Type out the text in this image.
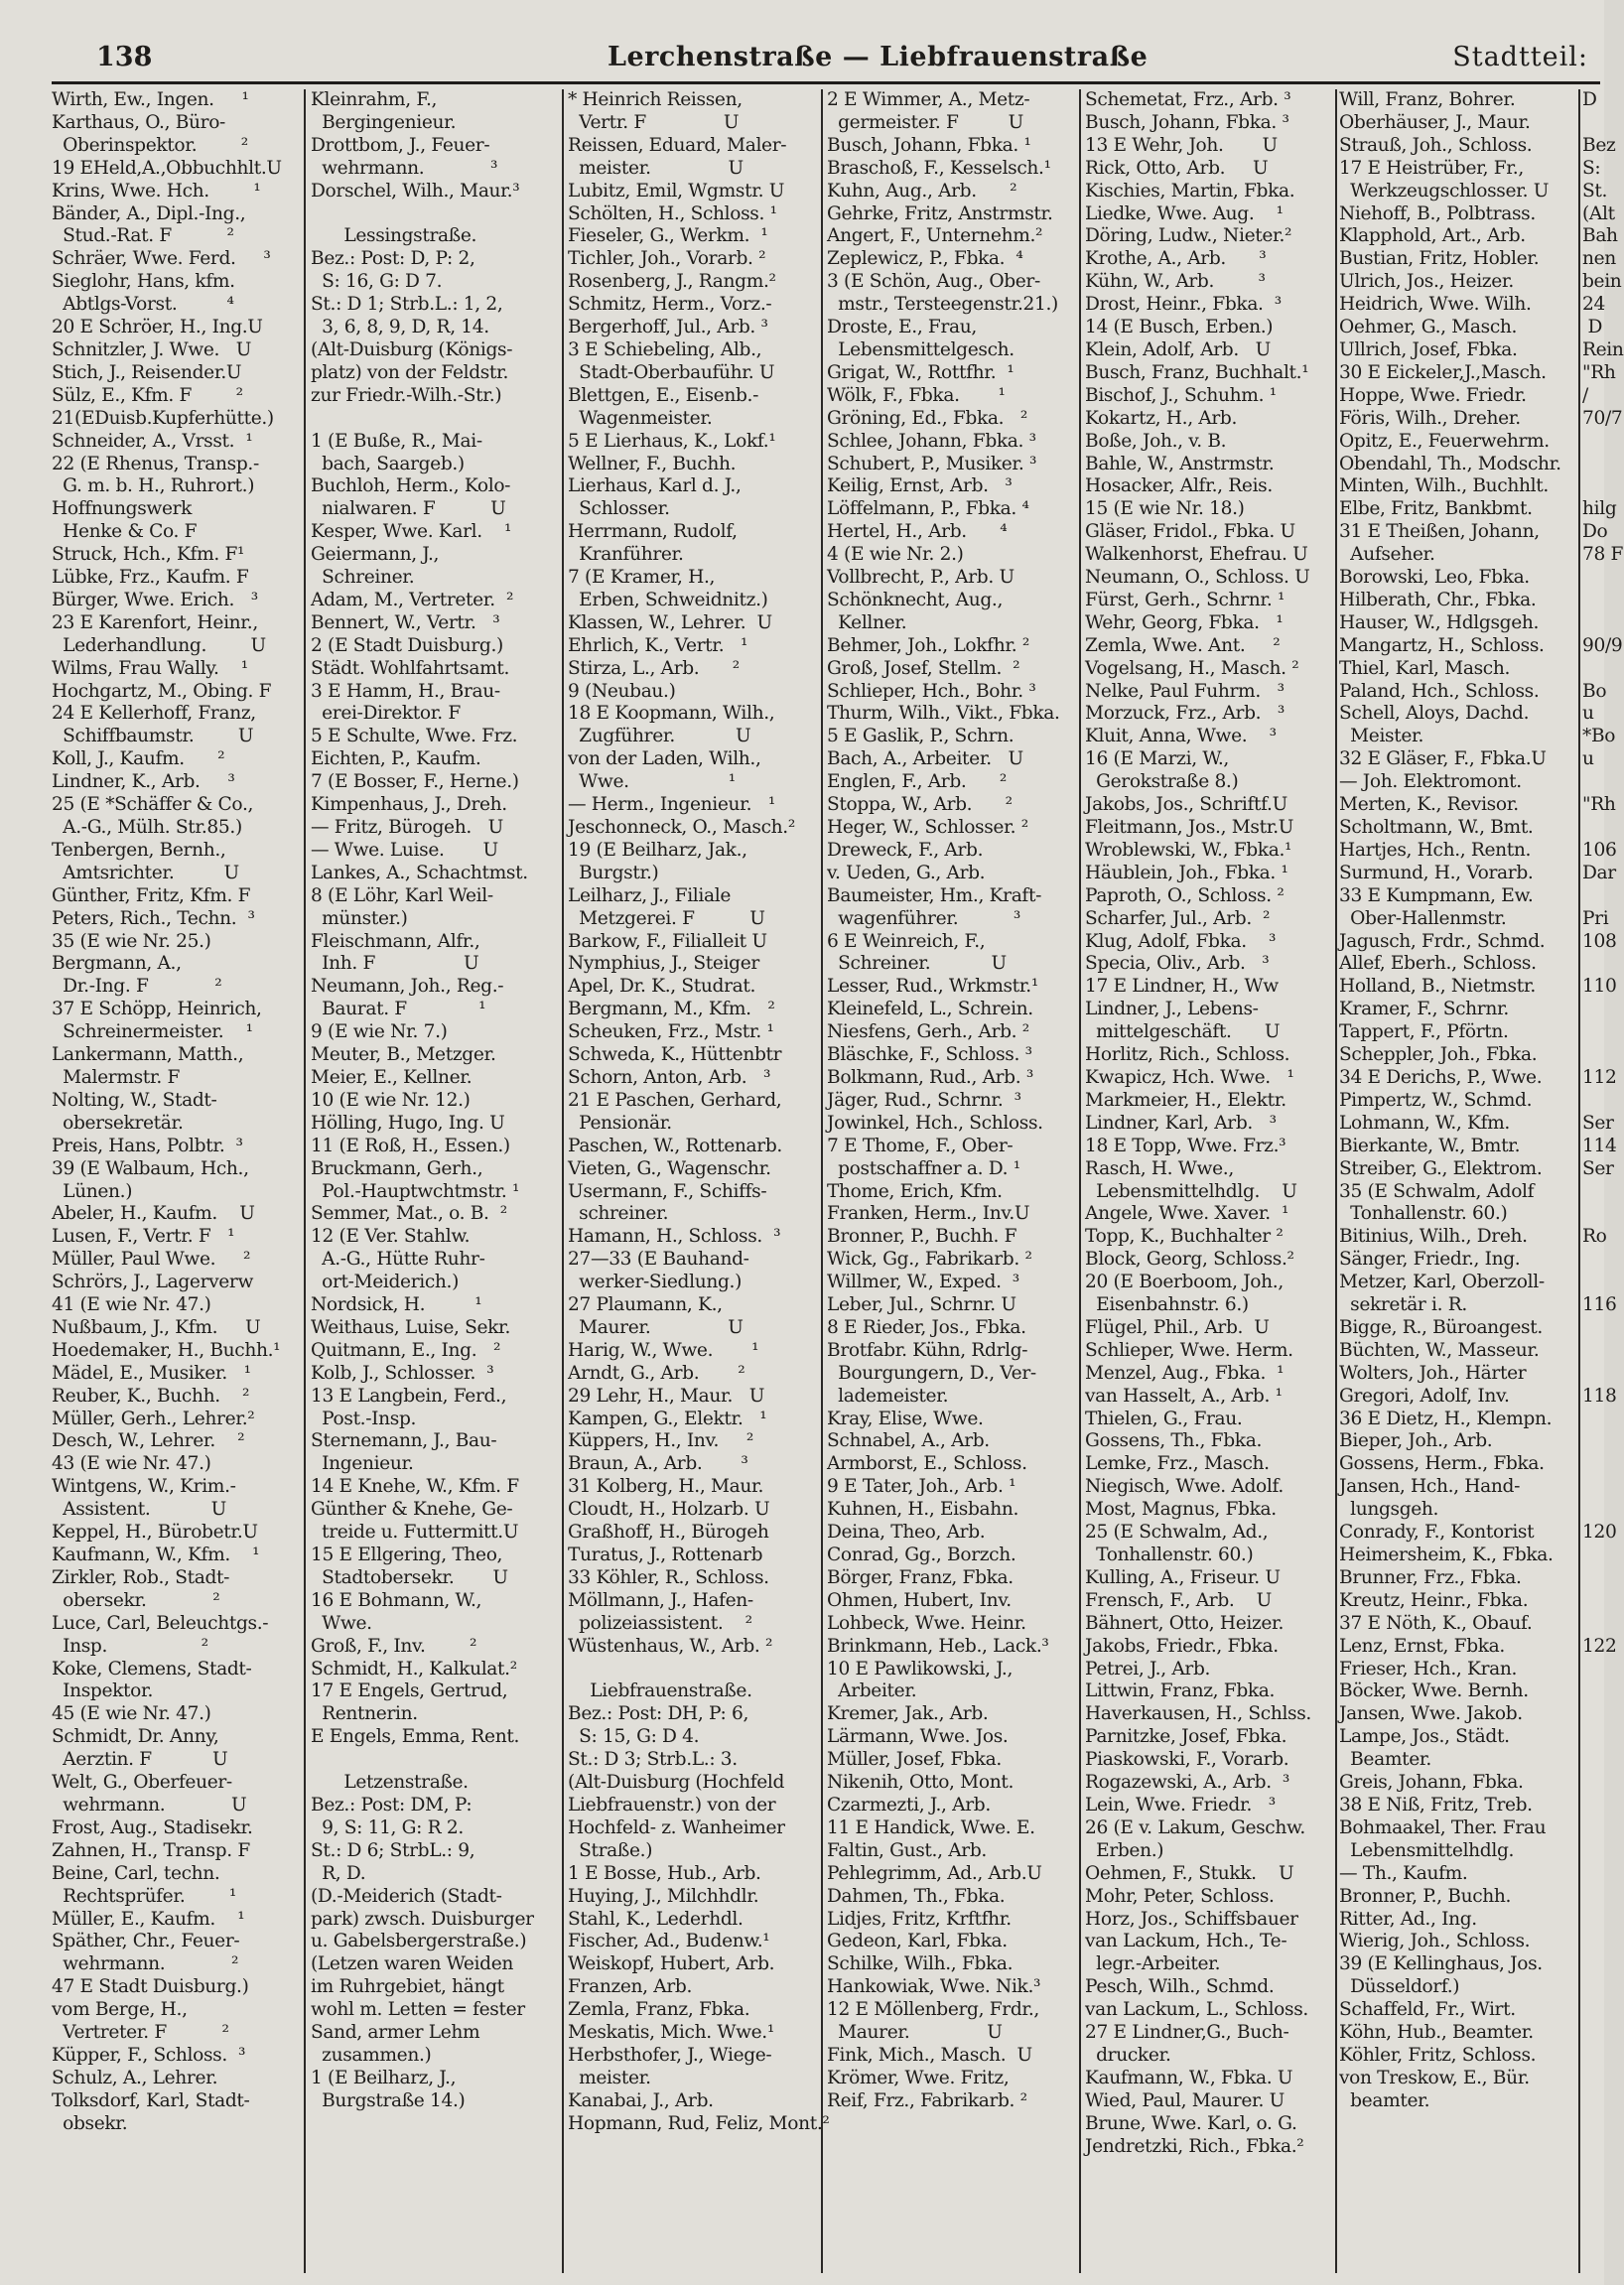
138	Lerchenstraße — Liebfrauenstraße	Stadtteil:
Wirth, Ew., Ingen.     ¹
Karthaus, O., Büro-
Oberinspektor.        ²
19 EHeld,A.,Obbuchhlt.U
Krins, Wwe. Hch.        ¹
Bänder, A., Dipl.-Ing.,
Stud.-Rat. F          ²
Schräer, Wwe. Ferd.     ³
Sieglohr, Hans, kfm.
Abtlgs-Vorst.         ⁴
20 E Schröer, H., Ing.U
Schnitzler, J. Wwe.   U
Stich, J., Reisender.U
Sülz, E., Kfm. F        ²
21(EDuisb.Kupferhütte.)
Schneider, A., Vrsst.  ¹
22 (E Rhenus, Transp.-
G. m. b. H., Ruhrort.)
Hoffnungswerk
Henke & Co. F
Struck, Hch., Kfm. F¹
Lübke, Frz., Kaufm. F
Bürger, Wwe. Erich.   ³
23 E Karenfort, Heinr.,
Lederhandlung.        U
Wilms, Frau Wally.    ¹
Hochgartz, M., Obing. F
24 E Kellerhoff, Franz,
Schiffbaumstr.        U
Koll, J., Kaufm.      ²
Lindner, K., Arb.     ³
25 (E *Schäffer & Co.,
A.-G., Mülh. Str.85.)
Tenbergen, Bernh.,
Amtsrichter.         U
Günther, Fritz, Kfm. F
Peters, Rich., Techn.  ³
35 (E wie Nr. 25.)
Bergmann, A.,
Dr.-Ing. F            ²
37 E Schöpp, Heinrich,
Schreinermeister.    ¹
Lankermann, Matth.,
Malermstr. F
Nolting, W., Stadt-
obersekretär.
Preis, Hans, Polbtr.  ³
39 (E Walbaum, Hch.,
Lünen.)
Abeler, H., Kaufm.    U
Lusen, F., Vertr. F   ¹
Müller, Paul Wwe.     ²
Schrörs, J., Lagerverw
41 (E wie Nr. 47.)
Nußbaum, J., Kfm.     U
Hoedemaker, H., Buchh.¹
Mädel, E., Musiker.   ¹
Reuber, K., Buchh.    ²
Müller, Gerh., Lehrer.²
Desch, W., Lehrer.    ²
43 (E wie Nr. 47.)
Wintgens, W., Krim.-
Assistent.           U
Keppel, H., Bürobetr.U
Kaufmann, W., Kfm.    ¹
Zirkler, Rob., Stadt-
obersekr.            ²
Luce, Carl, Beleuchtgs.-
Insp.                 ²
Koke, Clemens, Stadt-
Inspektor.
45 (E wie Nr. 47.)
Schmidt, Dr. Anny,
Aerztin. F           U
Welt, G., Oberfeuer-
wehrmann.            U
Frost, Aug., Stadisekr.
Zahnen, H., Transp. F
Beine, Carl, techn.
Rechtsprüfer.        ¹
Müller, E., Kaufm.    ¹
Späther, Chr., Feuer-
wehrmann.            ²
47 E Stadt Duisburg.)
vom Berge, H.,
Vertreter. F          ²
Küpper, F., Schloss.  ³
Schulz, A., Lehrer.
Tolksdorf, Karl, Stadt-
obsekr.
Kleinrahm, F.,
Bergingenieur.
Drottbom, J., Feuer-
wehrmann.            ³
Dorschel, Wilh., Maur.³

Lessingstraße.
Bez.: Post: D, P: 2,
S: 16, G: D 7.
St.: D 1; Strb.L.: 1, 2,
3, 6, 8, 9, D, R, 14.
(Alt-Duisburg (Königs-
platz) von der Feldstr.
zur Friedr.-Wilh.-Str.)

1 (E Buße, R., Mai-
bach, Saargeb.)
Buchloh, Herm., Kolo-
nialwaren. F          U
Kesper, Wwe. Karl.    ¹
Geiermann, J.,
Schreiner.
Adam, M., Vertreter.  ²
Bennert, W., Vertr.   ³
2 (E Stadt Duisburg.)
Städt. Wohlfahrtsamt.
3 E Hamm, H., Brau-
erei-Direktor. F
5 E Schulte, Wwe. Frz.
Eichten, P., Kaufm.
7 (E Bosser, F., Herne.)
Kimpenhaus, J., Dreh.
— Fritz, Bürogeh.   U
— Wwe. Luise.       U
Lankes, A., Schachtmst.
8 (E Löhr, Karl Weil-
münster.)
Fleischmann, Alfr.,
Inh. F                U
Neumann, Joh., Reg.-
Baurat. F             ¹
9 (E wie Nr. 7.)
Meuter, B., Metzger.
Meier, E., Kellner.
10 (E wie Nr. 12.)
Hölling, Hugo, Ing. U
11 (E Roß, H., Essen.)
Bruckmann, Gerh.,
Pol.-Hauptwchtmstr. ¹
Semmer, Mat., o. B.  ²
12 (E Ver. Stahlw.
A.-G., Hütte Ruhr-
ort-Meiderich.)
Nordsick, H.         ¹
Weithaus, Luise, Sekr.
Quitmann, E., Ing.   ²
Kolb, J., Schlosser.  ³
13 E Langbein, Ferd.,
Post.-Insp.
Sternemann, J., Bau-
Ingenieur.
14 E Knehe, W., Kfm. F
Günther & Knehe, Ge-
treide u. Futtermitt.U
15 E Ellgering, Theo,
Stadtobersekr.       U
16 E Bohmann, W.,
Wwe.
Groß, F., Inv.        ²
Schmidt, H., Kalkulat.²
17 E Engels, Gertrud,
Rentnerin.
E Engels, Emma, Rent.

Letzenstraße.
Bez.: Post: DM, P:
9, S: 11, G: R 2.
St.: D 6; StrbL.: 9,
R, D.
(D.-Meiderich (Stadt-
park) zwsch. Duisburger
u. Gabelsbergerstraße.)
(Letzen waren Weiden
im Ruhrgebiet, hängt
wohl m. Letten = fester
Sand, armer Lehm
zusammen.)
1 (E Beilharz, J.,
Burgstraße 14.)
* Heinrich Reissen,
Vertr. F              U
Reissen, Eduard, Maler-
meister.              U
Lubitz, Emil, Wgmstr. U
Schölten, H., Schloss. ¹
Fieseler, G., Werkm.  ¹
Tichler, Joh., Vorarb. ²
Rosenberg, J., Rangm.²
Schmitz, Herm., Vorz.-
Bergerhoff, Jul., Arb. ³
3 E Schiebeling, Alb.,
Stadt-Oberbauführ. U
Blettgen, E., Eisenb.-
Wagenmeister.
5 E Lierhaus, K., Lokf.¹
Wellner, F., Buchh.
Lierhaus, Karl d. J.,
Schlosser.
Herrmann, Rudolf,
Kranführer.
7 (E Kramer, H.,
Erben, Schweidnitz.)
Klassen, W., Lehrer.  U
Ehrlich, K., Vertr.   ¹
Stirza, L., Arb.      ²
9 (Neubau.)
18 E Koopmann, Wilh.,
Zugführer.           U
von der Laden, Wilh.,
Wwe.                  ¹
— Herm., Ingenieur.   ¹
Jeschonneck, O., Masch.²
19 (E Beilharz, Jak.,
Burgstr.)
Leilharz, J., Filiale
Metzgerei. F          U
Barkow, F., Filialleit U
Nymphius, J., Steiger
Apel, Dr. K., Studrat.
Bergmann, M., Kfm.   ²
Scheuken, Frz., Mstr. ¹
Schweda, K., Hüttenbtr
Schorn, Anton, Arb.   ³
21 E Paschen, Gerhard,
Pensionär.
Paschen, W., Rottenarb.
Vieten, G., Wagenschr.
Usermann, F., Schiffs-
schreiner.
Hamann, H., Schloss.  ³
27—33 (E Bauhand-
werker-Siedlung.)
27 Plaumann, K.,
Maurer.              U
Harig, W., Wwe.       ¹
Arndt, G., Arb.       ²
29 Lehr, H., Maur.   U
Kampen, G., Elektr.   ¹
Küppers, H., Inv.     ²
Braun, A., Arb.       ³
31 Kolberg, H., Maur.
Cloudt, H., Holzarb. U
Graßhoff, H., Bürogeh
Turatus, J., Rottenarb
33 Köhler, R., Schloss.
Möllmann, J., Hafen-
polizeiassistent.    ²
Wüstenhaus, W., Arb. ²

Liebfrauenstraße.
Bez.: Post: DH, P: 6,
S: 15, G: D 4.
St.: D 3; Strb.L.: 3.
(Alt-Duisburg (Hochfeld
Liebfrauenstr.) von der
Hochfeld- z. Wanheimer
Straße.)
1 E Bosse, Hub., Arb.
Huying, J., Milchhdlr.
Stahl, K., Lederhdl.
Fischer, Ad., Budenw.¹
Weiskopf, Hubert, Arb.
Franzen, Arb.
Zemla, Franz, Fbka.
Meskatis, Mich. Wwe.¹
Herbsthofer, J., Wiege-
meister.
Kanabai, J., Arb.
Hopmann, Rud, Feliz, Mont.²
2 E Wimmer, A., Metz-
germeister. F         U
Busch, Johann, Fbka. ¹
Braschoß, F., Kesselsch.¹
Kuhn, Aug., Arb.      ²
Gehrke, Fritz, Anstrmstr.
Angert, F., Unternehm.²
Zeplewicz, P., Fbka.  ⁴
3 (E Schön, Aug., Ober-
mstr., Tersteegenstr.21.)
Droste, E., Frau,
Lebensmittelgesch.
Grigat, W., Rottfhr.  ¹
Wölk, F., Fbka.       ¹
Gröning, Ed., Fbka.   ²
Schlee, Johann, Fbka. ³
Schubert, P., Musiker. ³
Keilig, Ernst, Arb.   ³
Löffelmann, P., Fbka. ⁴
Hertel, H., Arb.      ⁴
4 (E wie Nr. 2.)
Vollbrecht, P., Arb. U
Schönknecht, Aug.,
Kellner.
Behmer, Joh., Lokfhr. ²
Groß, Josef, Stellm.  ²
Schlieper, Hch., Bohr. ³
Thurm, Wilh., Vikt., Fbka.
5 E Gaslik, P., Schrn.
Bach, A., Arbeiter.   U
Englen, F., Arb.      ²
Stoppa, W., Arb.      ²
Heger, W., Schlosser. ²
Dreweck, F., Arb.
v. Ueden, G., Arb.
Baumeister, Hm., Kraft-
wagenführer.          ³
6 E Weinreich, F.,
Schreiner.           U
Lesser, Rud., Wrkmstr.¹
Kleinefeld, L., Schrein.
Niesfens, Gerh., Arb. ²
Bläschke, F., Schloss. ³
Bolkmann, Rud., Arb. ³
Jäger, Rud., Schrnr.  ³
Jowinkel, Hch., Schloss.
7 E Thome, F., Ober-
postschaffner a. D. ¹
Thome, Erich, Kfm.
Franken, Herm., Inv.U
Bronner, P., Buchh. F
Wick, Gg., Fabrikarb. ²
Willmer, W., Exped.  ³
Leber, Jul., Schrnr. U
8 E Rieder, Jos., Fbka.
Brotfabr. Kühn, Rdrlg-
Bourgungern, D., Ver-
lademeister.
Kray, Elise, Wwe.
Schnabel, A., Arb.
Armborst, E., Schloss.
9 E Tater, Joh., Arb. ¹
Kuhnen, H., Eisbahn.
Deina, Theo, Arb.
Conrad, Gg., Borzch.
Börger, Franz, Fbka.
Ohmen, Hubert, Inv.
Lohbeck, Wwe. Heinr.
Brinkmann, Heb., Lack.³
10 E Pawlikowski, J.,
Arbeiter.
Kremer, Jak., Arb.
Lärmann, Wwe. Jos.
Müller, Josef, Fbka.
Nikenih, Otto, Mont.
Czarmezti, J., Arb.
11 E Handick, Wwe. E.
Faltin, Gust., Arb.
Pehlegrimm, Ad., Arb.U
Dahmen, Th., Fbka.
Lidjes, Fritz, Krftfhr.
Gedeon, Karl, Fbka.
Schilke, Wilh., Fbka.
Hankowiak, Wwe. Nik.³
12 E Möllenberg, Frdr.,
Maurer.              U
Fink, Mich., Masch.  U
Krömer, Wwe. Fritz,
Reif, Frz., Fabrikarb. ²
Schemetat, Frz., Arb. ³
Busch, Johann, Fbka. ³
13 E Wehr, Joh.       U
Rick, Otto, Arb.     U
Kischies, Martin, Fbka.
Liedke, Wwe. Aug.    ¹
Döring, Ludw., Nieter.²
Krothe, A., Arb.      ³
Kühn, W., Arb.        ³
Drost, Heinr., Fbka.  ³
14 (E Busch, Erben.)
Klein, Adolf, Arb.   U
Busch, Franz, Buchhalt.¹
Bischof, J., Schuhm. ¹
Kokartz, H., Arb.
Boße, Joh., v. B.
Bahle, W., Anstrmstr.
Hosacker, Alfr., Reis.
15 (E wie Nr. 18.)
Gläser, Fridol., Fbka. U
Walkenhorst, Ehefrau. U
Neumann, O., Schloss. U
Fürst, Gerh., Schrnr. ¹
Wehr, Georg, Fbka.   ¹
Zemla, Wwe. Ant.     ²
Vogelsang, H., Masch. ²
Nelke, Paul Fuhrm.   ³
Morzuck, Frz., Arb.   ³
Kluit, Anna, Wwe.    ³
16 (E Marzi, W.,
Gerokstraße 8.)
Jakobs, Jos., Schriftf.U
Fleitmann, Jos., Mstr.U
Wroblewski, W., Fbka.¹
Häublein, Joh., Fbka. ¹
Paproth, O., Schloss. ²
Scharfer, Jul., Arb.  ²
Klug, Adolf, Fbka.    ³
Specia, Oliv., Arb.   ³
17 E Lindner, H., Ww
Lindner, J., Lebens-
mittelgeschäft.      U
Horlitz, Rich., Schloss.
Kwapicz, Hch. Wwe.   ¹
Markmeier, H., Elektr.
Lindner, Karl, Arb.   ³
18 E Topp, Wwe. Frz.³
Rasch, H. Wwe.,
Lebensmittelhdlg.    U
Angele, Wwe. Xaver.  ¹
Topp, K., Buchhalter ²
Block, Georg, Schloss.²
20 (E Boerboom, Joh.,
Eisenbahnstr. 6.)
Flügel, Phil., Arb.  U
Schlieper, Wwe. Herm.
Menzel, Aug., Fbka.  ¹
van Hasselt, A., Arb. ¹
Thielen, G., Frau.
Gossens, Th., Fbka.
Lemke, Frz., Masch.
Niegisch, Wwe. Adolf.
Most, Magnus, Fbka.
25 (E Schwalm, Ad.,
Tonhallenstr. 60.)
Kulling, A., Friseur. U
Frensch, F., Arb.    U
Bähnert, Otto, Heizer.
Jakobs, Friedr., Fbka.
Petrei, J., Arb.
Littwin, Franz, Fbka.
Haverkausen, H., Schlss.
Parnitzke, Josef, Fbka.
Piaskowski, F., Vorarb.
Rogazewski, A., Arb.  ³
Lein, Wwe. Friedr.   ³
26 (E v. Lakum, Geschw.
Erben.)
Oehmen, F., Stukk.    U
Mohr, Peter, Schloss.
Horz, Jos., Schiffsbauer
van Lackum, Hch., Te-
legr.-Arbeiter.
Pesch, Wilh., Schmd.
van Lackum, L., Schloss.
27 E Lindner,G., Buch-
drucker.
Kaufmann, W., Fbka. U
Wied, Paul, Maurer. U
Brune, Wwe. Karl, o. G.
Jendretzki, Rich., Fbka.²
Will, Franz, Bohrer.
Oberhäuser, J., Maur.
Strauß, Joh., Schloss.
17 E Heistrüber, Fr.,
Werkzeugschlosser. U
Niehoff, B., Polbtrass.
Klapphold, Art., Arb.
Bustian, Fritz, Hobler.
Ulrich, Jos., Heizer.
Heidrich, Wwe. Wilh.
Oehmer, G., Masch.
Ullrich, Josef, Fbka.
30 E Eickeler,J.,Masch.
Hoppe, Wwe. Friedr.
Föris, Wilh., Dreher.
Opitz, E., Feuerwehrm.
Obendahl, Th., Modschr.
Minten, Wilh., Buchhlt.
Elbe, Fritz, Bankbmt.
31 E Theißen, Johann,
Aufseher.
Borowski, Leo, Fbka.
Hilberath, Chr., Fbka.
Hauser, W., Hdlgsgeh.
Mangartz, H., Schloss.
Thiel, Karl, Masch.
Paland, Hch., Schloss.
Schell, Aloys, Dachd.
Meister.
32 E Gläser, F., Fbka.U
— Joh. Elektromont.
Merten, K., Revisor.
Scholtmann, W., Bmt.
Hartjes, Hch., Rentn.
Surmund, H., Vorarb.
33 E Kumpmann, Ew.
Ober-Hallenmstr.
Jagusch, Frdr., Schmd.
Allef, Eberh., Schloss.
Holland, B., Nietmstr.
Kramer, F., Schrnr.
Tappert, F., Pförtn.
Scheppler, Joh., Fbka.
34 E Derichs, P., Wwe.
Pimpertz, W., Schmd.
Lohmann, W., Kfm.
Bierkante, W., Bmtr.
Streiber, G., Elektrom.
35 (E Schwalm, Adolf
Tonhallenstr. 60.)
Bitinius, Wilh., Dreh.
Sänger, Friedr., Ing.
Metzer, Karl, Oberzoll-
sekretär i. R.
Bigge, R., Büroangest.
Büchten, W., Masseur.
Wolters, Joh., Härter
Gregori, Adolf, Inv.
36 E Dietz, H., Klempn.
Bieper, Joh., Arb.
Gossens, Herm., Fbka.
Jansen, Hch., Hand-
lungsgeh.
Conrady, F., Kontorist
Heimersheim, K., Fbka.
Brunner, Frz., Fbka.
Kreutz, Heinr., Fbka.
37 E Nöth, K., Obauf.
Lenz, Ernst, Fbka.
Frieser, Hch., Kran.
Böcker, Wwe. Bernh.
Jansen, Wwe. Jakob.
Lampe, Jos., Städt.
Beamter.
Greis, Johann, Fbka.
38 E Niß, Fritz, Treb.
Bohmaakel, Ther. Frau
Lebensmittelhdlg.
— Th., Kaufm.
Bronner, P., Buchh.
Ritter, Ad., Ing.
Wierig, Joh., Schloss.
39 (E Kellinghaus, Jos.
Düsseldorf.)
Schaffeld, Fr., Wirt.
Köhn, Hub., Beamter.
Köhler, Fritz, Schloss.
von Treskow, E., Bür.
beamter.
D

Bez
S:
St.
(Alt
Bah
nen
bein
24
D
Rein
"Rh
/
70/7

hilg
Do
78 F

90/9

Bo
u
*Bo
u

"Rh

106
Dar

Pri
108

110

112

Ser
114
Ser

Ro

116

118

120

122
